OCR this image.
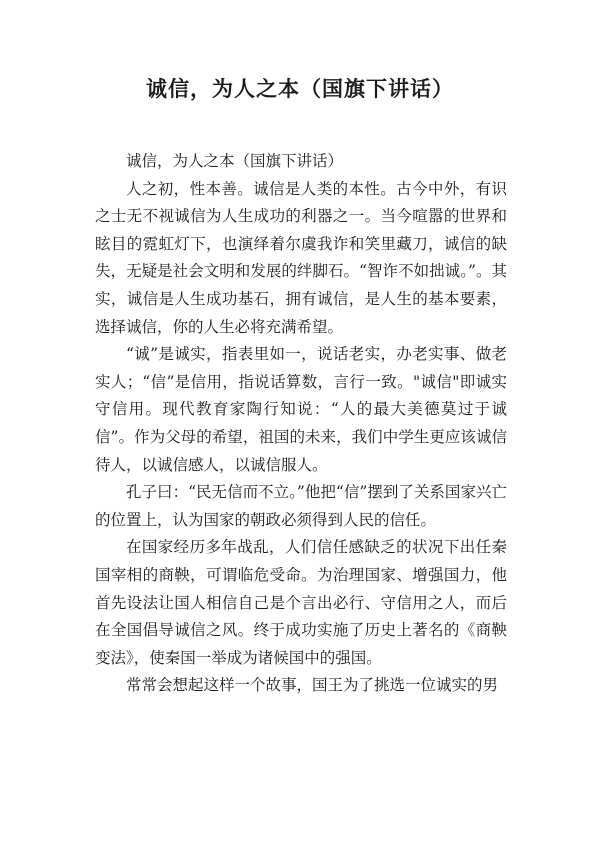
诚信，为人之本（国旗下讲话）

诚信，为人之本（国旗下讲话）

人之初，性本善。诚信是人类的本性。古今中外，有识之士无不视诚信为人生成功的利器之一。当今喧嚣的世界和眩目的霓虹灯下，也演绎着尔虞我诈和笑里藏刀，诚信的缺失，无疑是社会文明和发展的绊脚石。“智诈不如拙诚。”。其实，诚信是人生成功基石，拥有诚信，是人生的基本要素，选择诚信，你的人生必将充满希望。

“诚”是诚实，指表里如一，说话老实，办老实事、做老实人；“信”是信用，指说话算数，言行一致。"诚信"即诚实守信用。现代教育家陶行知说：“人的最大美德莫过于诚信”。作为父母的希望，祖国的未来，我们中学生更应该诚信待人，以诚信感人，以诚信服人。

孔子曰：“民无信而不立。”他把“信”摆到了关系国家兴亡的位置上，认为国家的朝政必须得到人民的信任。

在国家经历多年战乱，人们信任感缺乏的状况下出任秦国宰相的商鞅，可谓临危受命。为治理国家、增强国力，他首先设法让国人相信自己是个言出必行、守信用之人，而后在全国倡导诚信之风。终于成功实施了历史上著名的《商鞅变法》，使秦国一举成为诸候国中的强国。

常常会想起这样一个故事，国王为了挑选一位诚实的男
